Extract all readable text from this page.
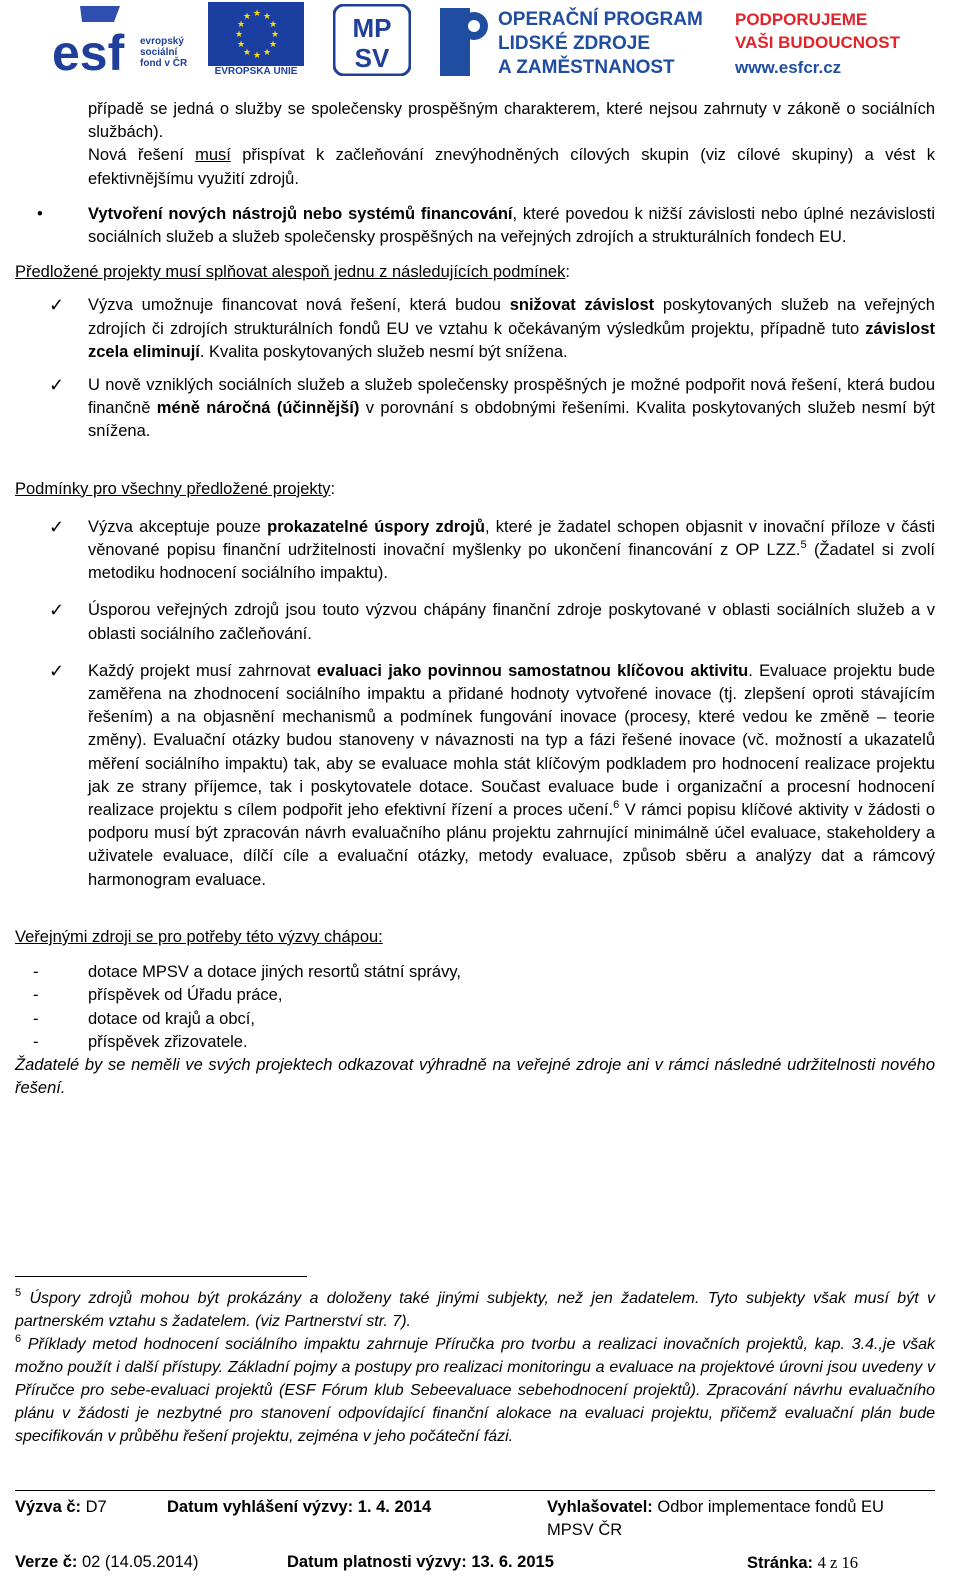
esf evropský
sociální
fond v ČR
★ ★
★
★
★
★
★
★
★
★
★
★
EVROPSKÁ UNIE
MP
SV
OPERAČNÍ PROGRAM
LIDSKÉ ZDROJE
A ZAMĚSTNANOST
PODPORUJEME
VAŠI BUDOUCNOST
www.esfcr.cz

případě se jedná o služby se společensky prospěšným charakterem, které nejsou zahrnuty v zákoně o sociálních službách).

Nová řešení musí přispívat k začleňování znevýhodněných cílových skupin (viz cílové skupiny) a vést k efektivnějšímu využití zdrojů.

•	Vytvoření nových nástrojů nebo systémů financování, které povedou k nižší závislosti nebo úplné nezávislosti sociálních služeb a služeb společensky prospěšných na veřejných zdrojích a strukturálních fondech EU.

Předložené projekty musí splňovat alespoň jednu z následujících podmínek:

✓	Výzva umožnuje financovat nová řešení, která budou snižovat závislost poskytovaných služeb na veřejných zdrojích či zdrojích strukturálních fondů EU ve vztahu k očekávaným výsledkům projektu, případně tuto závislost zcela eliminují. Kvalita poskytovaných služeb nesmí být snížena.
✓	U nově vzniklých sociálních služeb a služeb společensky prospěšných je možné podpořit nová řešení, která budou finančně méně náročná (účinnější) v porovnání s obdobnými řešeními. Kvalita poskytovaných služeb nesmí být snížena.

Podmínky pro všechny předložené projekty:

✓	Výzva akceptuje pouze prokazatelné úspory zdrojů, které je žadatel schopen objasnit v inovační příloze v části věnované popisu finanční udržitelnosti inovační myšlenky po ukončení financování z OP LZZ.$^5$ (Žadatel si zvolí metodiku hodnocení sociálního impaktu).
✓	Úsporou veřejných zdrojů jsou touto výzvou chápány finanční zdroje poskytované v oblasti sociálních služeb a v oblasti sociálního začleňování.
✓	Každý projekt musí zahrnovat evaluaci jako povinnou samostatnou klíčovou aktivitu. Evaluace projektu bude zaměřena na zhodnocení sociálního impaktu a přidané hodnoty vytvořené inovace (tj. zlepšení oproti stávajícím řešením) a na objasnění mechanismů a podmínek fungování inovace (procesy, které vedou ke změně – teorie změny). Evaluační otázky budou stanoveny v návaznosti na typ a fázi řešené inovace (vč. možností a ukazatelů měření sociálního impaktu) tak, aby se evaluace mohla stát klíčovým podkladem pro hodnocení realizace projektu jak ze strany příjemce, tak i poskytovatele dotace. Součast evaluace bude i organizační a procesní hodnocení realizace projektu s cílem podpořit jeho efektivní řízení a proces učení.$^6$ V rámci popisu klíčové aktivity v žádosti o podporu musí být zpracován návrh evaluačního plánu projektu zahrnující minimálně účel evaluace, stakeholdery a uživatele evaluace, dílčí cíle a evaluační otázky, metody evaluace, způsob sběru a analýzy dat a rámcový harmonogram evaluace.

Veřejnými zdroji se pro potřeby této výzvy chápou:

-	dotace MPSV a dotace jiných resortů státní správy,
-	příspěvek od Úřadu práce,
-	dotace od krajů a obcí,
-	příspěvek zřizovatele.

Žadatelé by se neměli ve svých projektech odkazovat výhradně na veřejné zdroje ani v rámci následné udržitelnosti nového řešení.

$^5$ Úspory zdrojů mohou být prokázány a doloženy také jinými subjekty, než jen žadatelem. Tyto subjekty však musí být v partnerském vztahu s žadatelem. (viz Partnerství str. 7).

$^6$ Příklady metod hodnocení sociálního impaktu zahrnuje Příručka pro tvorbu a realizaci inovačních projektů, kap. 3.4.,je však možno použít i další přístupy. Základní pojmy a postupy pro realizaci monitoringu a evaluace na projektové úrovni jsou uvedeny v Příručce pro sebe-evaluaci projektů (ESF Fórum klub Sebeevaluace sebehodnocení projektů). Zpracování návrhu evaluačního plánu v žádosti je nezbytné pro stanovení odpovídající finanční alokace na evaluaci projektu, přičemž evaluační plán bude specifikován v průběhu řešení projektu, zejména v jeho počáteční fázi.

Výzva č: D7	Datum vyhlášení výzvy: 1. 4. 2014	Vyhlašovatel: Odbor implementace fondů EU MPSV ČR
Verze č: 02 (14.05.2014)	Datum platnosti výzvy: 13. 6. 2015	Stránka: 4 z 16
